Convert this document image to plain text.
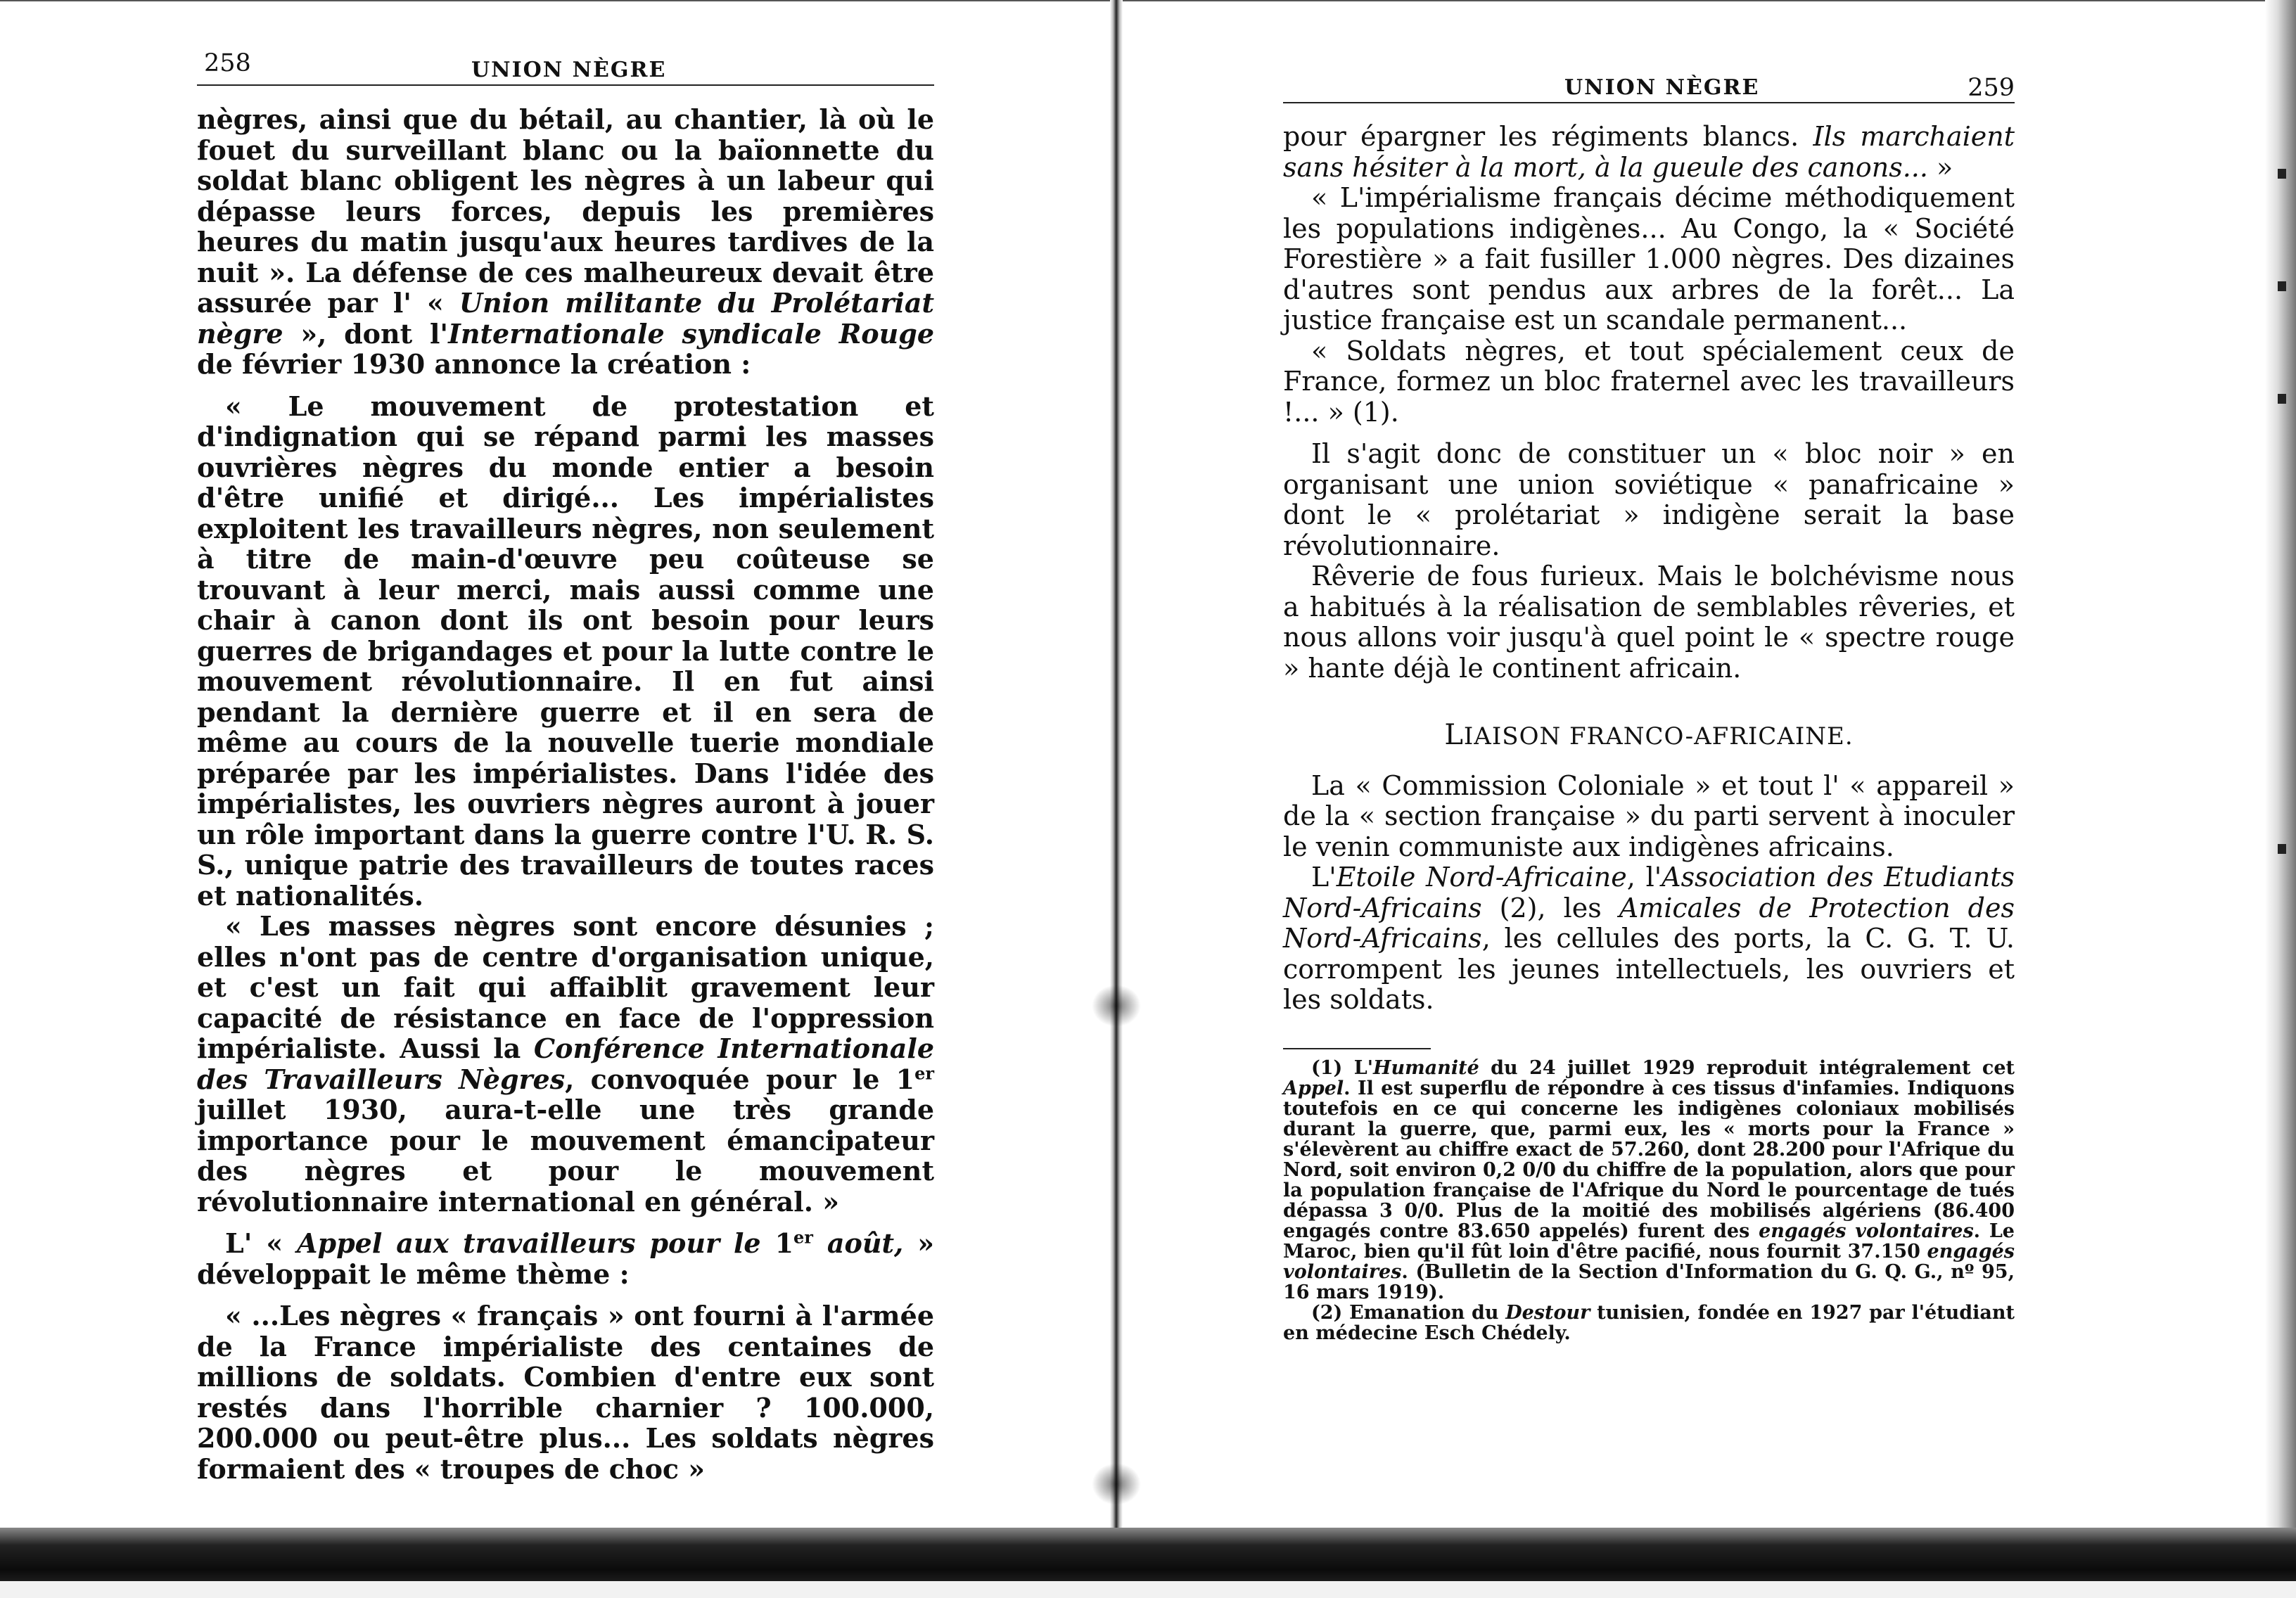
258	UNION NÈGRE

nègres, ainsi que du bétail, au chantier, là où le fouet du surveillant blanc ou la baïonnette du soldat blanc obligent les nègres à un labeur qui dépasse leurs forces, depuis les premières heures du matin jusqu'aux heures tardives de la nuit ». La défense de ces malheureux devait être assurée par l' « Union militante du Prolétariat nègre », dont l'Internationale syndicale Rouge de février 1930 annonce la création :

« Le mouvement de protestation et d'indignation qui se répand parmi les masses ouvrières nègres du monde entier a besoin d'être unifié et dirigé... Les impérialistes exploitent les travailleurs nègres, non seulement à titre de main-d'œuvre peu coûteuse se trouvant à leur merci, mais aussi comme une chair à canon dont ils ont besoin pour leurs guerres de brigandages et pour la lutte contre le mouvement révolutionnaire. Il en fut ainsi pendant la dernière guerre et il en sera de même au cours de la nouvelle tuerie mondiale préparée par les impérialistes. Dans l'idée des impérialistes, les ouvriers nègres auront à jouer un rôle important dans la guerre contre l'U. R. S. S., unique patrie des travailleurs de toutes races et nationalités.

« Les masses nègres sont encore désunies ; elles n'ont pas de centre d'organisation unique, et c'est un fait qui affaiblit gravement leur capacité de résistance en face de l'oppression impérialiste. Aussi la Conférence Internationale des Travailleurs Nègres, convoquée pour le 1er juillet 1930, aura-t-elle une très grande importance pour le mouvement émancipateur des nègres et pour le mouvement révolutionnaire international en général. »

L' « Appel aux travailleurs pour le 1er août, » développait le même thème :

« ...Les nègres « français » ont fourni à l'armée de la France impérialiste des centaines de millions de soldats. Combien d'entre eux sont restés dans l'horrible charnier ? 100.000, 200.000 ou peut-être plus... Les soldats nègres formaient des « troupes de choc »

UNION NÈGRE	259

pour épargner les régiments blancs. Ils marchaient sans hésiter à la mort, à la gueule des canons... »

« L'impérialisme français décime méthodiquement les populations indigènes... Au Congo, la « Société Forestière » a fait fusiller 1.000 nègres. Des dizaines d'autres sont pendus aux arbres de la forêt... La justice française est un scandale permanent...

« Soldats nègres, et tout spécialement ceux de France, formez un bloc fraternel avec les travailleurs !... » (1).

Il s'agit donc de constituer un « bloc noir » en organisant une union soviétique « panafricaine » dont le « prolétariat » indigène serait la base révolutionnaire.

Rêverie de fous furieux. Mais le bolchévisme nous a habitués à la réalisation de semblables rêveries, et nous allons voir jusqu'à quel point le « spectre rouge » hante déjà le continent africain.

LIAISON FRANCO-AFRICAINE.

La « Commission Coloniale » et tout l' « appareil » de la « section française » du parti servent à inoculer le venin communiste aux indigènes africains.

L'Etoile Nord-Africaine, l'Association des Etudiants Nord-Africains (2), les Amicales de Protection des Nord-Africains, les cellules des ports, la C. G. T. U. corrompent les jeunes intellectuels, les ouvriers et les soldats.

(1) L'Humanité du 24 juillet 1929 reproduit intégralement cet Appel. Il est superflu de répondre à ces tissus d'infamies. Indiquons toutefois en ce qui concerne les indigènes coloniaux mobilisés durant la guerre, que, parmi eux, les « morts pour la France » s'élevèrent au chiffre exact de 57.260, dont 28.200 pour l'Afrique du Nord, soit environ 0,2 0/0 du chiffre de la population, alors que pour la population française de l'Afrique du Nord le pourcentage de tués dépassa 3 0/0. Plus de la moitié des mobilisés algériens (86.400 engagés contre 83.650 appelés) furent des engagés volontaires. Le Maroc, bien qu'il fût loin d'être pacifié, nous fournit 37.150 engagés volontaires. (Bulletin de la Section d'Information du G. Q. G., nº 95, 16 mars 1919).

(2) Emanation du Destour tunisien, fondée en 1927 par l'étudiant en médecine Esch Chédely.
